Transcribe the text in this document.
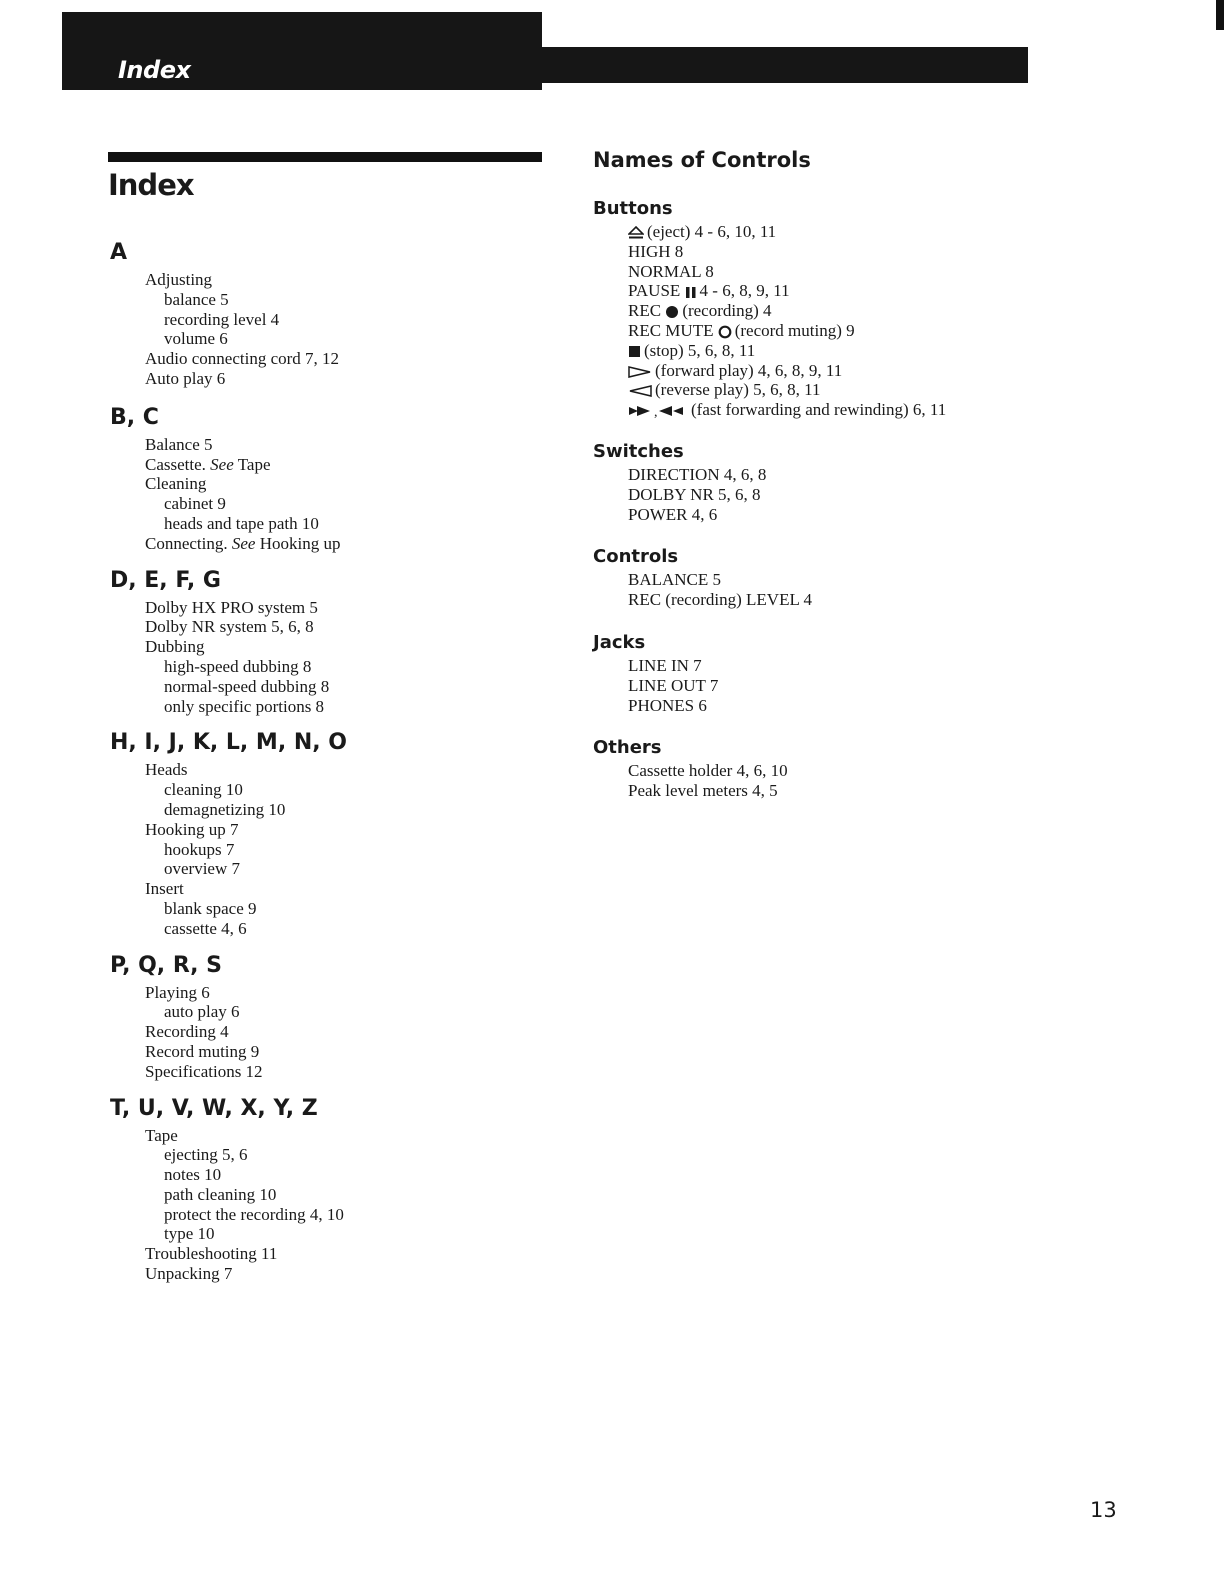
Index
Index
A
Adjusting
balance 5
recording level 4
volume 6
Audio connecting cord 7, 12
Auto play 6
B, C
Balance 5
Cassette. See Tape
Cleaning
cabinet 9
heads and tape path 10
Connecting. See Hooking up
D, E, F, G
Dolby HX PRO system 5
Dolby NR system 5, 6, 8
Dubbing
high-speed dubbing 8
normal-speed dubbing 8
only specific portions 8
H, I, J, K, L, M, N, O
Heads
cleaning 10
demagnetizing 10
Hooking up 7
hookups 7
overview 7
Insert
blank space 9
cassette 4, 6
P, Q, R, S
Playing 6
auto play 6
Recording 4
Record muting 9
Specifications 12
T, U, V, W, X, Y, Z
Tape
ejecting 5, 6
notes 10
path cleaning 10
protect the recording 4, 10
type 10
Troubleshooting 11
Unpacking 7
Names of Controls
Buttons
(eject) 4 - 6, 10, 11
HIGH 8
NORMAL 8
PAUSE 4 - 6, 8, 9, 11
REC (recording) 4
REC MUTE (record muting) 9
(stop) 5, 6, 8, 11
(forward play) 4, 6, 8, 9, 11
(reverse play) 5, 6, 8, 11
, (fast forwarding and rewinding) 6, 11
Switches
DIRECTION 4, 6, 8
DOLBY NR 5, 6, 8
POWER 4, 6
Controls
BALANCE 5
REC (recording) LEVEL 4
Jacks
LINE IN 7
LINE OUT 7
PHONES 6
Others
Cassette holder 4, 6, 10
Peak level meters 4, 5
13
